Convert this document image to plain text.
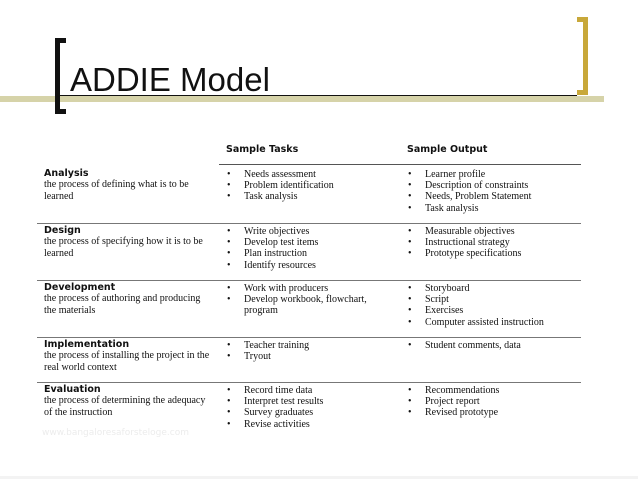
ADDIE Model
Sample Tasks	Sample Output
Analysis
the process of defining what is to be learned
• Needs assessment
• Problem identification
• Task analysis
• Learner profile
• Description of constraints
• Needs, Problem Statement
• Task analysis
Design
the process of specifying how it is to be learned
• Write objectives
• Develop test items
• Plan instruction
• Identify resources
• Measurable objectives
• Instructional strategy
• Prototype specifications
Development
the process of authoring and producing the materials
• Work with producers
• Develop workbook, flowchart, program
• Storyboard
• Script
• Exercises
• Computer assisted instruction
Implementation
the process of installing the project in the real world context
• Teacher training
• Tryout
• Student comments, data
Evaluation
the process of determining the adequacy of the instruction
• Record time data
• Interpret test results
• Survey graduates
• Revise activities
• Recommendations
• Project report
• Revised prototype
www.bangaloresaforsteloge.com
